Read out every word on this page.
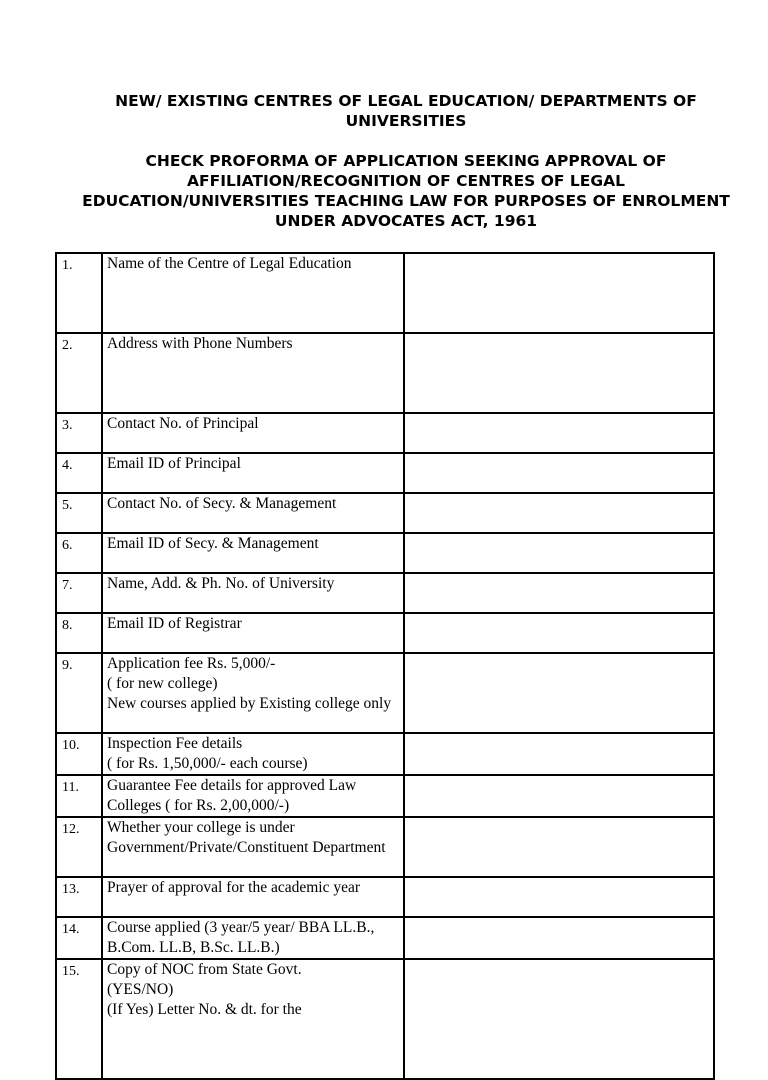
NEW/ EXISTING CENTRES OF LEGAL EDUCATION/ DEPARTMENTS OF UNIVERSITIES

CHECK PROFORMA OF APPLICATION SEEKING APPROVAL OF AFFILIATION/RECOGNITION OF CENTRES OF LEGAL EDUCATION/UNIVERSITIES TEACHING LAW FOR PURPOSES OF ENROLMENT UNDER ADVOCATES ACT, 1961

1.	Name of the Centre of Legal Education	
2.	Address with Phone Numbers	
3.	Contact No. of Principal	
4.	Email ID of Principal	
5.	Contact No. of Secy. & Management	
6.	Email ID of Secy. & Management	
7.	Name, Add. & Ph. No. of University	
8.	Email ID of Registrar	
9.	Application fee Rs. 5,000/-
( for new college)
New courses applied by Existing college only	
10.	Inspection Fee details
( for Rs. 1,50,000/- each course)	
11.	Guarantee Fee details for approved Law Colleges ( for Rs. 2,00,000/-)	
12.	Whether your college is under Government/Private/Constituent Department	
13.	Prayer of approval for the academic year	
14.	Course applied (3 year/5 year/ BBA LL.B., B.Com. LL.B, B.Sc. LL.B.)	
15.	Copy of NOC from State Govt.
(YES/NO)
(If Yes) Letter No. & dt. for the	
